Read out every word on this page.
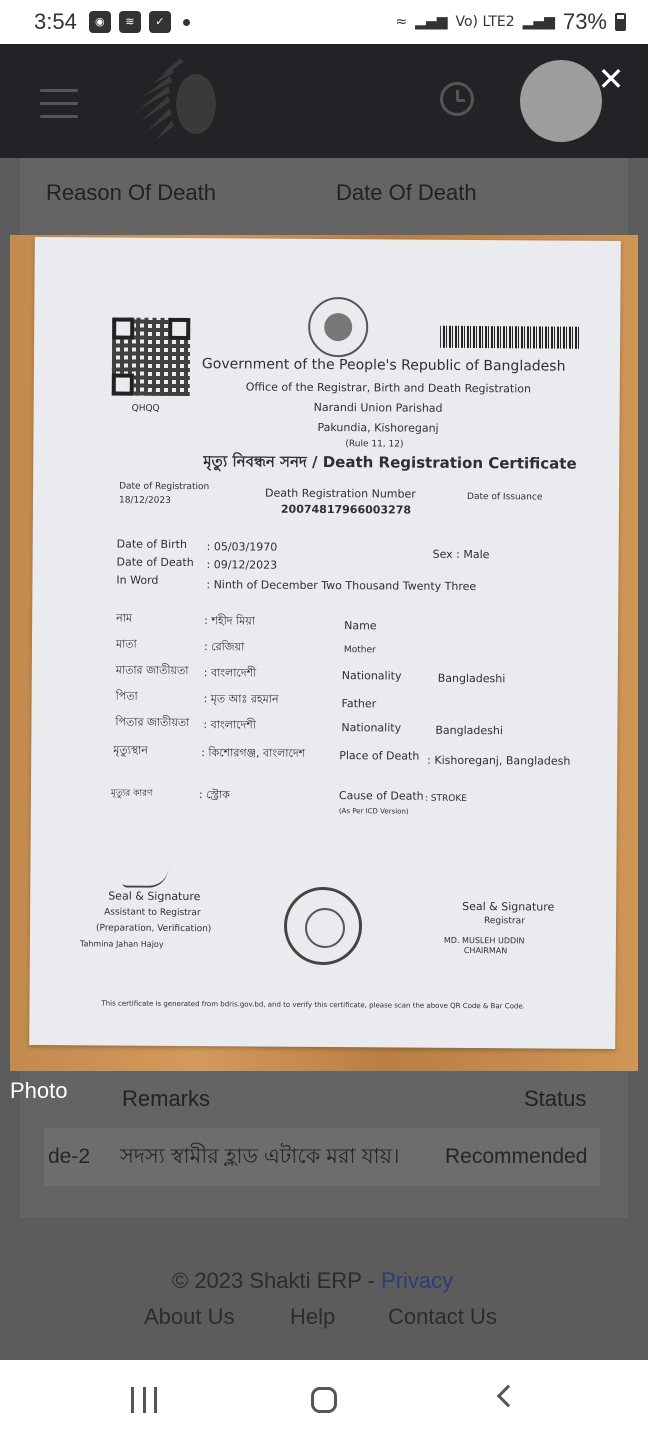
3:54	◉	≋	✓	≈ ▂▄▆ Vo) LTE2 ▂▄▆ 73%
✕
Reason Of Death	Date Of Death
Remarks	Status
de-2 সদস্য স্বামীর হ্লাড এটাকে মরা যায়। Recommended
© 2023 Shakti ERP - Privacy
About Us	Help Contact Us
QHQQ
Government of the People's Republic of Bangladesh
Office of the Registrar, Birth and Death Registration
Narandi Union Parishad
Pakundia, Kishoreganj
(Rule 11, 12)
মৃত্যু নিবন্ধন সনদ / Death Registration Certificate
Date of Registration
18/12/2023
Death Registration Number
20074817966003278
Date of Issuance
Date of Birth : 05/03/1970
Date of Death : 09/12/2023
In Word	: Ninth of December Two Thousand Twenty Three
Sex : Male
নাম	: শহীদ মিয়া	Name
মাতা	: রেজিয়া	Mother
মাতার জাতীয়তা : বাংলাদেশী	Nationality	Bangladeshi
পিতা	: মৃত আঃ রহমান	Father
পিতার জাতীয়তা : বাংলাদেশী	Nationality	Bangladeshi
মৃত্যুস্থান	: কিশোরগঞ্জ, বাংলাদেশ	Place of Death : Kishoreganj, Bangladesh
মৃত্যুর কারণ	: স্ট্রোক	Cause of Death : STROKE
(As Per ICD Version)
Seal & Signature
Assistant to Registrar
(Preparation, Verification)
Tahmina Jahan Hajoy
Seal & Signature
Registrar
MD. MUSLEH UDDIN
CHAIRMAN
This certificate is generated from bdris.gov.bd, and to verify this certificate, please scan the above QR Code & Bar Code.
Photo
